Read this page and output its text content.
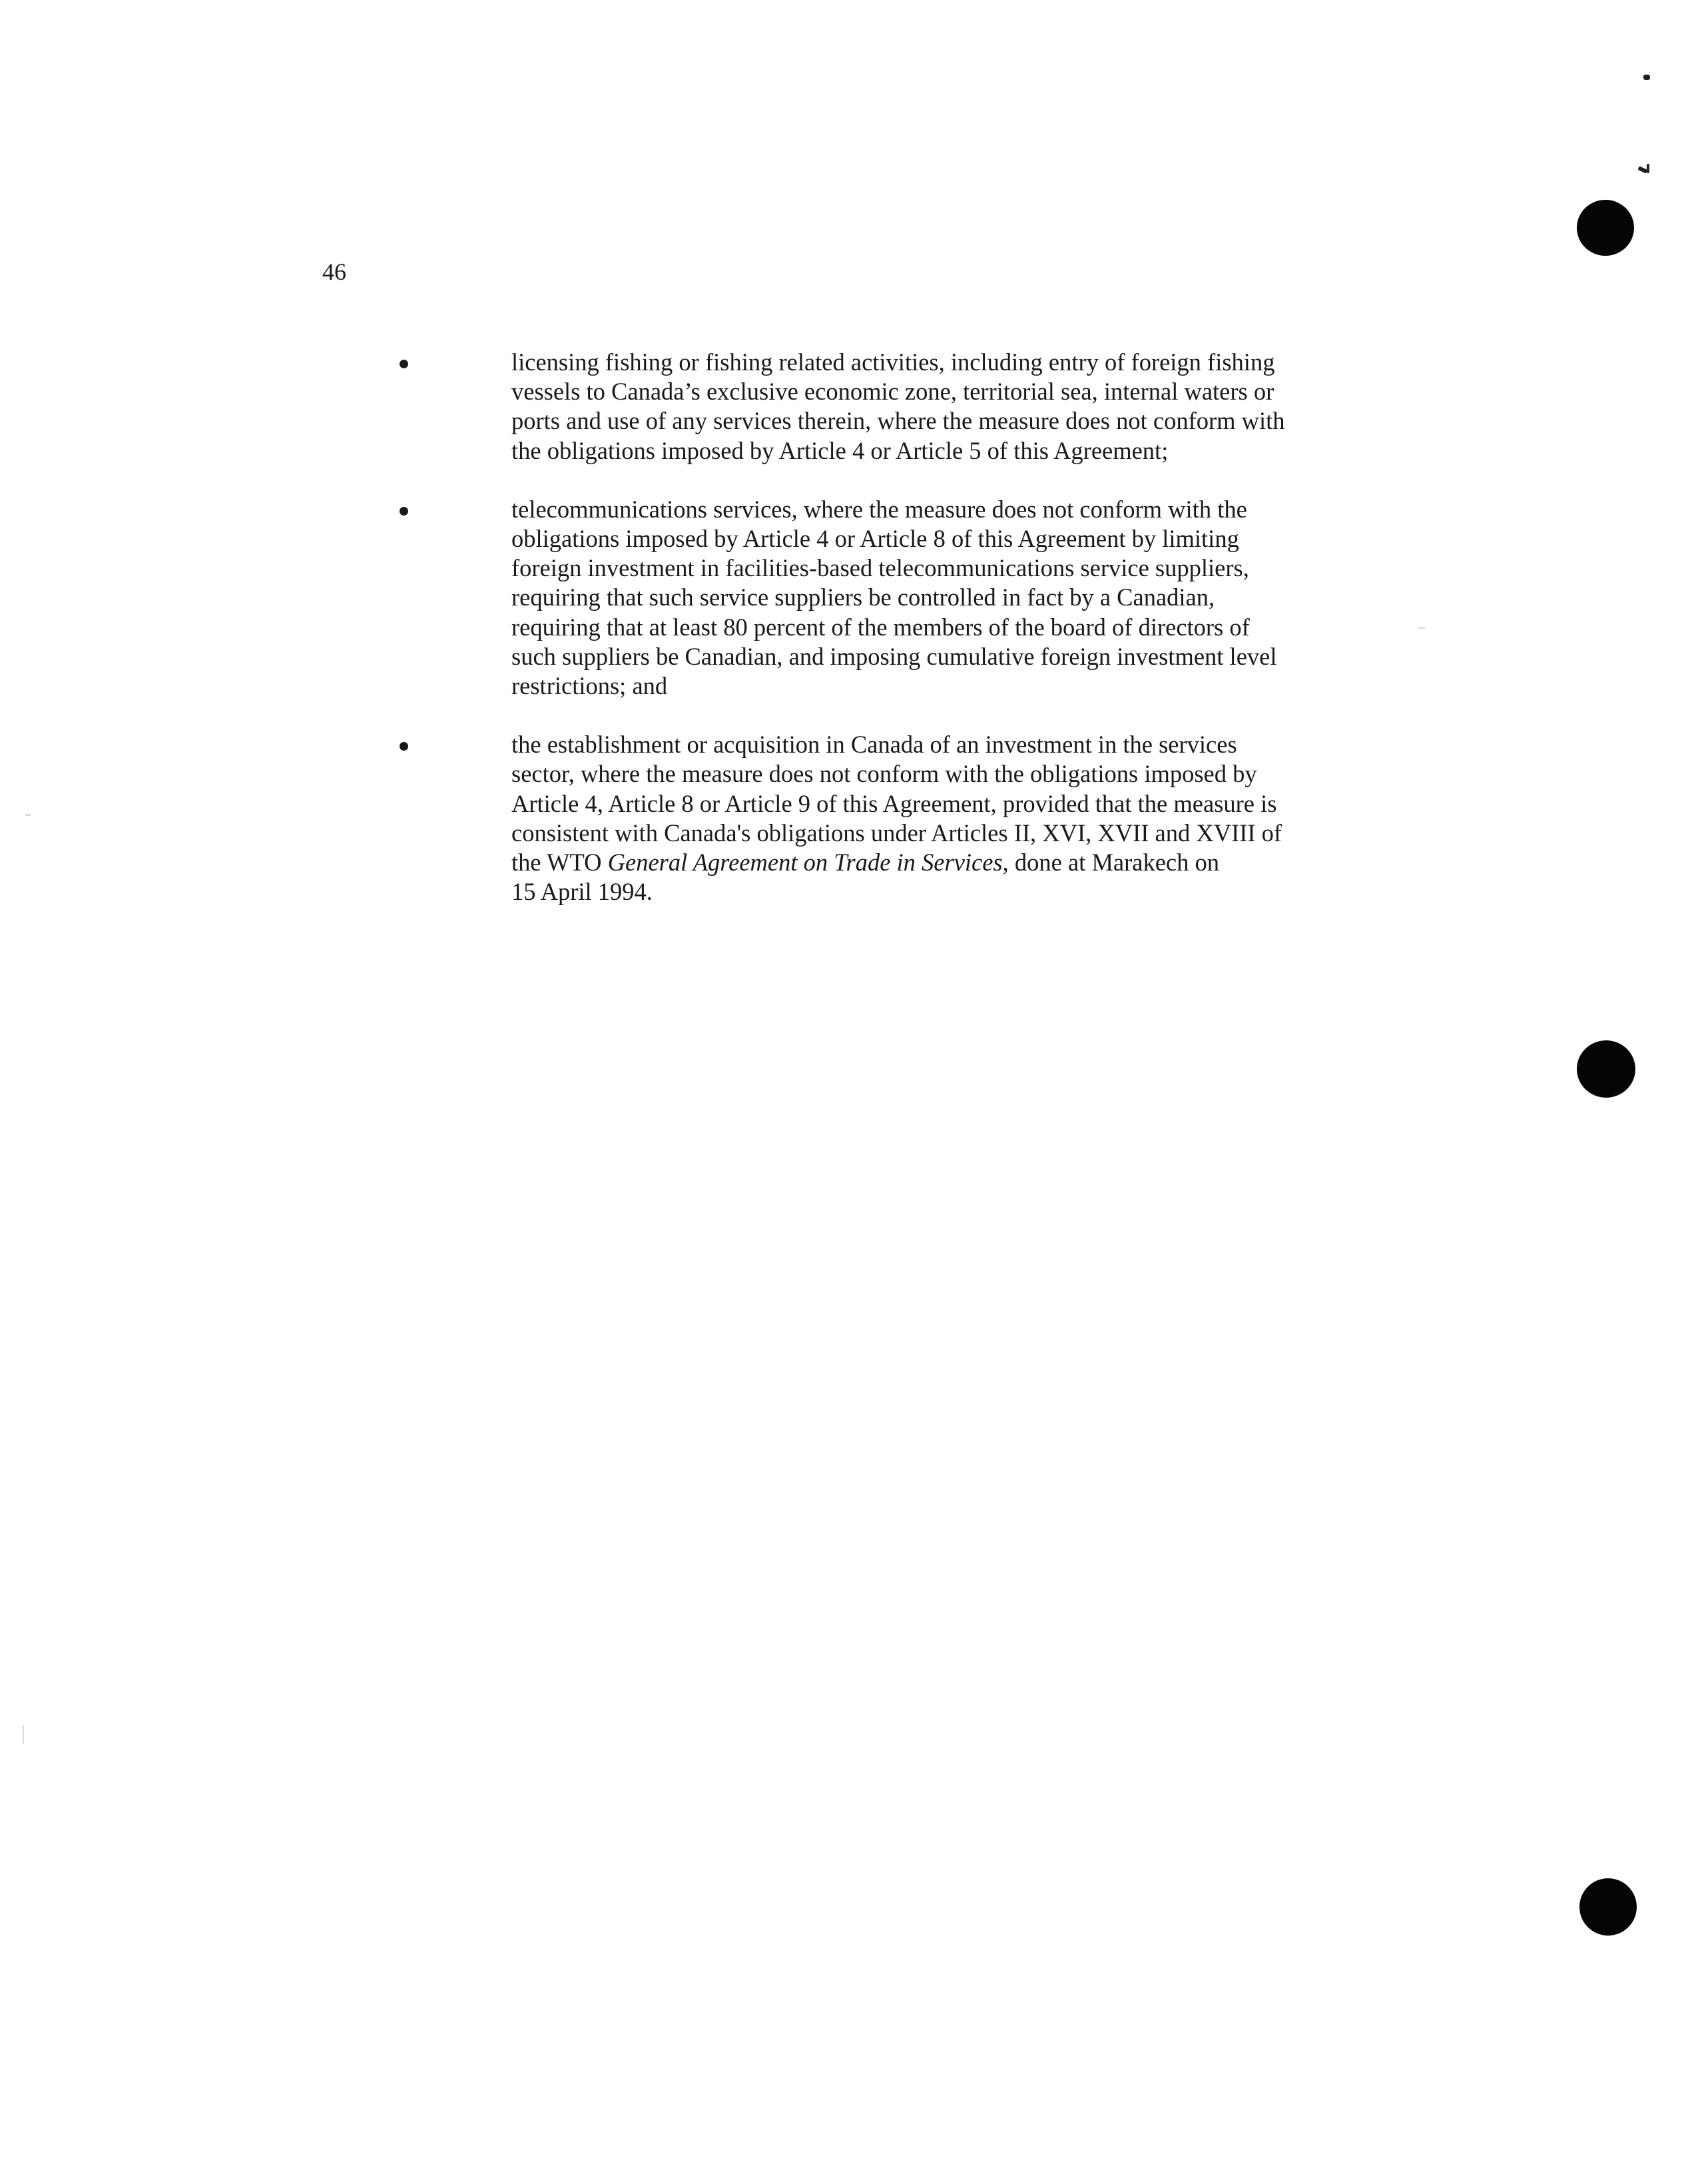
46
licensing fishing or fishing related activities, including entry of foreign fishing
vessels to Canada’s exclusive economic zone, territorial sea, internal waters or
ports and use of any services therein, where the measure does not conform with
the obligations imposed by Article 4 or Article 5 of this Agreement;
telecommunications services, where the measure does not conform with the
obligations imposed by Article 4 or Article 8 of this Agreement by limiting
foreign investment in facilities-based telecommunications service suppliers,
requiring that such service suppliers be controlled in fact by a Canadian,
requiring that at least 80 percent of the members of the board of directors of
such suppliers be Canadian, and imposing cumulative foreign investment level
restrictions; and
the establishment or acquisition in Canada of an investment in the services
sector, where the measure does not conform with the obligations imposed by
Article 4, Article 8 or Article 9 of this Agreement, provided that the measure is
consistent with Canada's obligations under Articles II, XVI, XVII and XVIII of
the WTO General Agreement on Trade in Services, done at Marakech on
15 April 1994.
